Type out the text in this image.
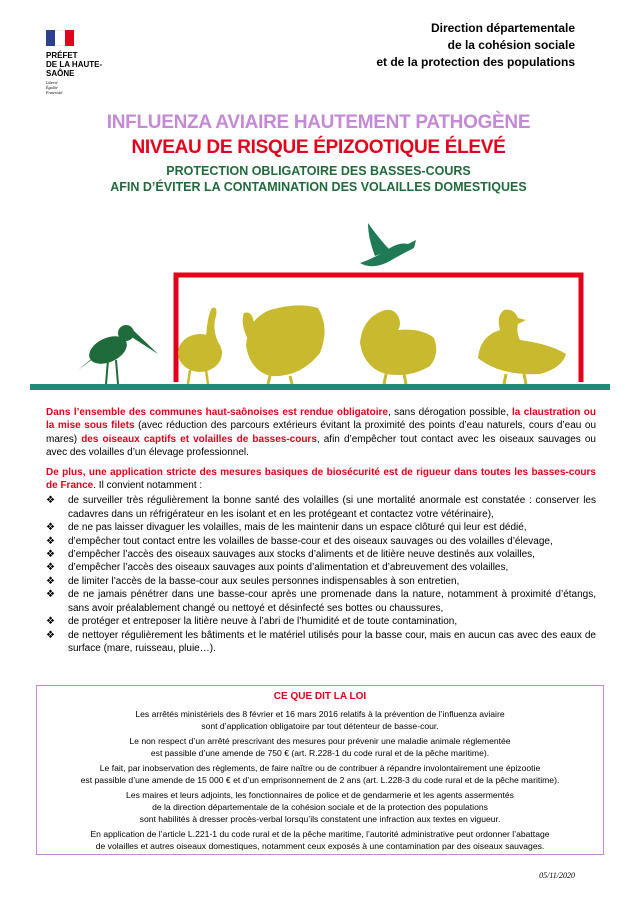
PRÉFET
DE LA HAUTE-
SAÔNE
Liberté
Égalité
Fraternité
Direction départementale
de la cohésion sociale
et de la protection des populations
INFLUENZA AVIAIRE HAUTEMENT PATHOGÈNE
NIVEAU DE RISQUE ÉPIZOOTIQUE ÉLEVÉ
PROTECTION OBLIGATOIRE DES BASSES-COURS
AFIN D’ÉVITER LA CONTAMINATION DES VOLAILLES DOMESTIQUES
Dans l’ensemble des communes haut-saônoises est rendue obligatoire, sans dérogation possible, la claustration ou la mise sous filets (avec réduction des parcours extérieurs évitant la proximité des points d’eau naturels, cours d’eau ou mares) des oiseaux captifs et volailles de basses-cours, afin d’empêcher tout contact avec les oiseaux sauvages ou avec des volailles d’un élevage professionnel.
De plus, une application stricte des mesures basiques de biosécurité est de rigueur dans toutes les basses-cours de France. Il convient notamment :
❖ de surveiller très régulièrement la bonne santé des volailles (si une mortalité anormale est constatée : conserver les cadavres dans un réfrigérateur en les isolant et en les protégeant et contactez votre vétérinaire),
❖ de ne pas laisser divaguer les volailles, mais de les maintenir dans un espace clôturé qui leur est dédié,
❖ d’empêcher tout contact entre les volailles de basse-cour et des oiseaux sauvages ou des volailles d’élevage,
❖ d’empêcher l’accès des oiseaux sauvages aux stocks d’aliments et de litière neuve destinés aux volailles,
❖ d’empêcher l’accès des oiseaux sauvages aux points d’alimentation et d’abreuvement des volailles,
❖ de limiter l’accès de la basse-cour aux seules personnes indispensables à son entretien,
❖ de ne jamais pénétrer dans une basse-cour après une promenade dans la nature, notamment à proximité d’étangs, sans avoir préalablement changé ou nettoyé et désinfecté ses bottes ou chaussures,
❖ de protéger et entreposer la litière neuve à l’abri de l’humidité et de toute contamination,
❖ de nettoyer régulièrement les bâtiments et le matériel utilisés pour la basse cour, mais en aucun cas avec des eaux de surface (mare, ruisseau, pluie…).
CE QUE DIT LA LOI

Les arrêtés ministériels des 8 février et 16 mars 2016 relatifs à la prévention de l’influenza aviaire
sont d’application obligatoire par tout détenteur de basse-cour.

Le non respect d’un arrêté prescrivant des mesures pour prévenir une maladie animale réglementée
est passible d’une amende de 750 € (art. R.228-1 du code rural et de la pêche maritime).

Le fait, par inobservation des règlements, de faire naître ou de contribuer à répandre involontairement une épizootie
est passible d’une amende de 15 000 € et d’un emprisonnement de 2 ans (art. L.228-3 du code rural et de la pêche maritime).

Les maires et leurs adjoints, les fonctionnaires de police et de gendarmerie et les agents assermentés
de la direction départementale de la cohésion sociale et de la protection des populations
sont habilités à dresser procès-verbal lorsqu’ils constatent une infraction aux textes en vigueur.

En application de l’article L.221-1 du code rural et de la pêche maritime, l’autorité administrative peut ordonner l’abattage
de volailles et autres oiseaux domestiques, notamment ceux exposés à une contamination par des oiseaux sauvages.

05/11/2020
